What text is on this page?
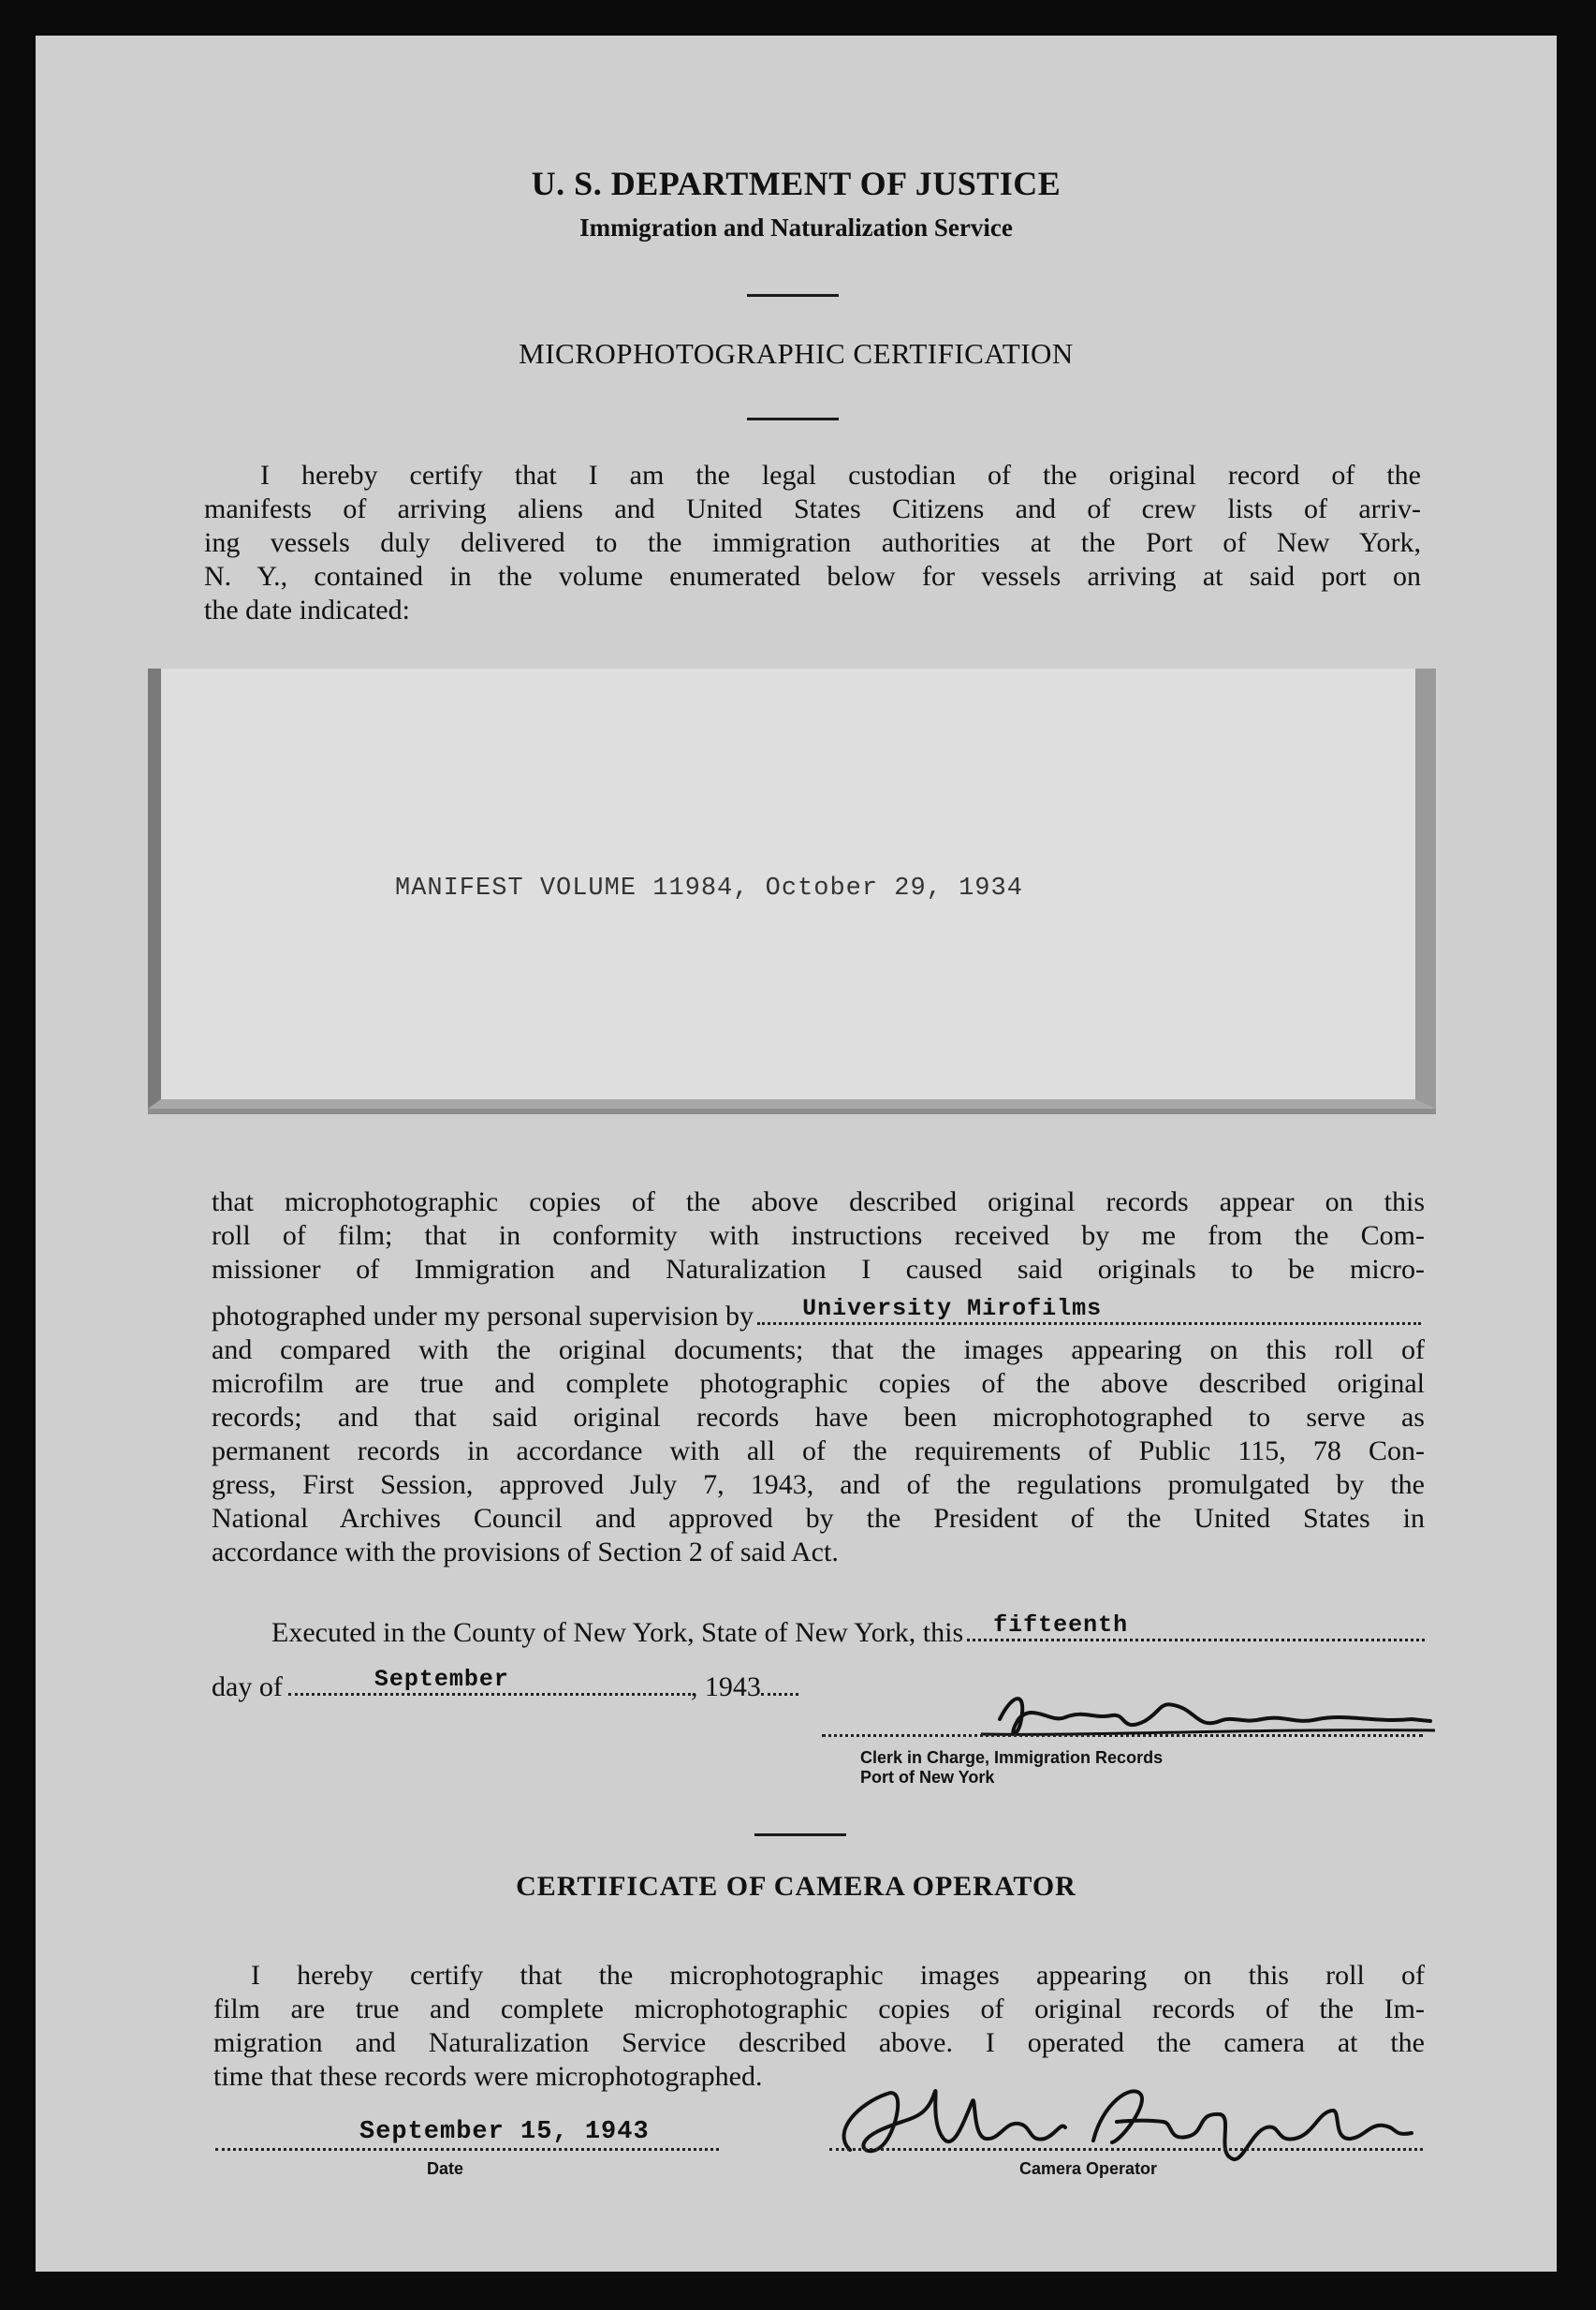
U. S. DEPARTMENT OF JUSTICE
Immigration and Naturalization Service
MICROPHOTOGRAPHIC CERTIFICATION
I hereby certify that I am the legal custodian of the original record of the
manifests of arriving aliens and United States Citizens and of crew lists of arriv-
ing vessels duly delivered to the immigration authorities at the Port of New York,
N. Y., contained in the volume enumerated below for vessels arriving at said port on
the date indicated:
MANIFEST VOLUME 11984, October 29, 1934
that microphotographic copies of the above described original records appear on this
roll of film; that in conformity with instructions received by me from the Com-
missioner of Immigration and Naturalization I caused said originals to be micro-
photographed under my personal supervision by University Mirofilms
and compared with the original documents; that the images appearing on this roll of
microfilm are true and complete photographic copies of the above described original
records; and that said original records have been microphotographed to serve as
permanent records in accordance with all of the requirements of Public 115, 78 Con-
gress, First Session, approved July 7, 1943, and of the regulations promulgated by the
National Archives Council and approved by the President of the United States in
accordance with the provisions of Section 2 of said Act.
Executed in the County of New York, State of New York, this fifteenth
day of	September	, 1943
Clerk in Charge, Immigration Records
Port of New York
CERTIFICATE OF CAMERA OPERATOR
I hereby certify that the microphotographic images appearing on this roll of
film are true and complete microphotographic copies of original records of the Im-
migration and Naturalization Service described above. I operated the camera at the
time that these records were microphotographed.
September 15, 1943
Date	Camera Operator
